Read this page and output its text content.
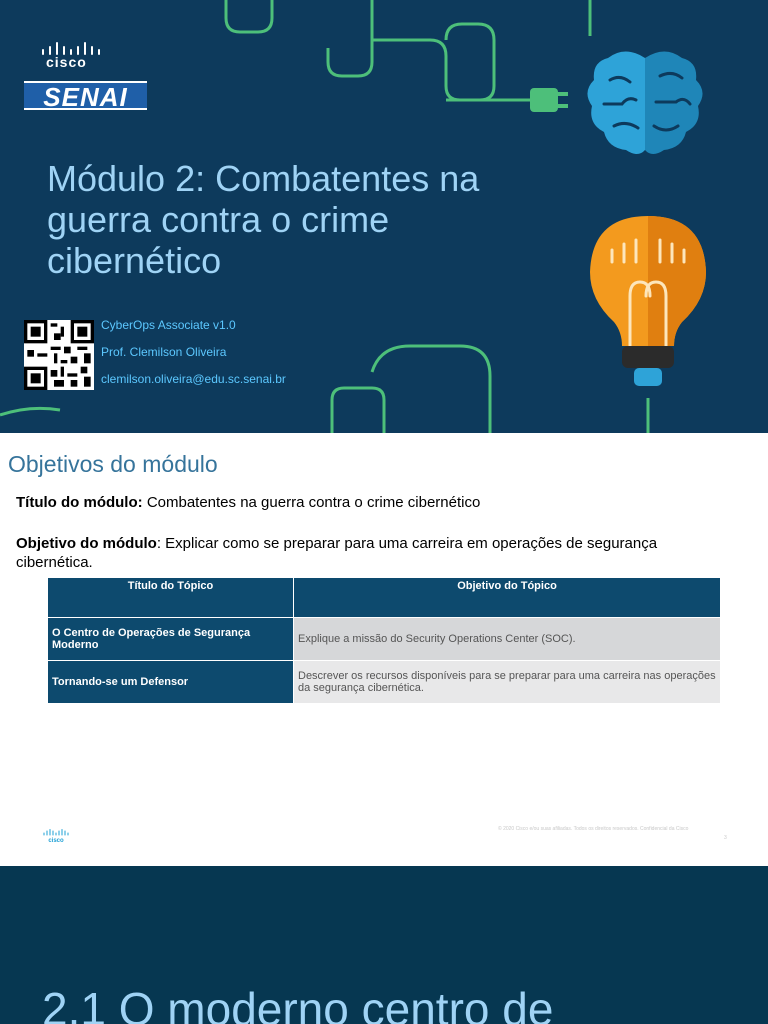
cisco
SENAI
Módulo 2: Combatentes na guerra contra o crime cibernético
CyberOps Associate v1.0
Prof. Clemilson Oliveira
clemilson.oliveira@edu.sc.senai.br
Objetivos do módulo
Título do módulo: Combatentes na guerra contra o crime cibernético
Objetivo do módulo: Explicar como se preparar para uma carreira em operações de segurança cibernética.
Título do Tópico	Objetivo do Tópico
O Centro de Operações de Segurança Moderno	Explique a missão do Security Operations Center (SOC).
Tornando-se um Defensor	Descrever os recursos disponíveis para se preparar para uma carreira nas operações da segurança cibernética.
cisco
© 2020 Cisco e/ou suas afiliadas. Todos os direitos reservados. Confidencial da Cisco
3
2.1 O moderno centro de
